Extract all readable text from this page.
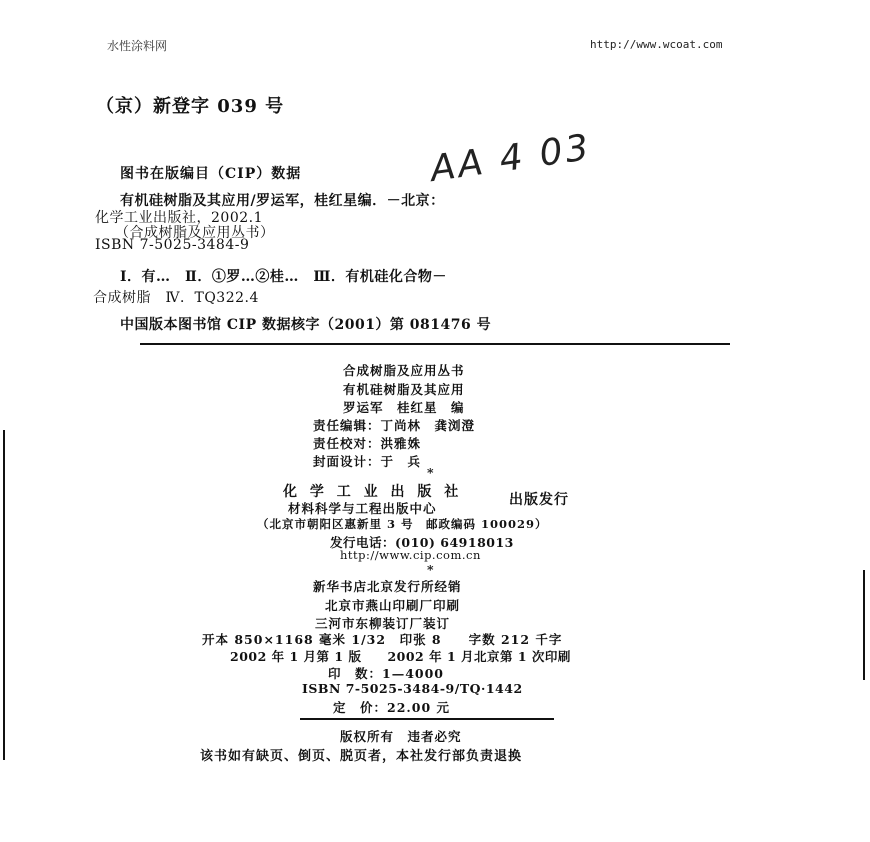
水性涂料网	http://www.wcoat.com
（京）新登字 039 号
图书在版编目（CIP）数据	AA 4 03
有机硅树脂及其应用/罗运军，桂红星编．－北京：
化学工业出版社，2002.1
（合成树脂及应用丛书）
ISBN 7-5025-3484-9
Ⅰ．有…　Ⅱ．①罗…②桂…　Ⅲ．有机硅化合物－
合成树脂　Ⅳ．TQ322.4
中国版本图书馆 CIP 数据核字（2001）第 081476 号
合成树脂及应用丛书
有机硅树脂及其应用
罗运军　桂红星　编
责任编辑：丁尚林　龚浏澄
责任校对：洪雅姝
封面设计：于　兵
*
化 学 工 业 出 版 社
材料科学与工程出版中心
出版发行
（北京市朝阳区惠新里 3 号　邮政编码 100029）
发行电话：(010) 64918013
http://www.cip.com.cn
*
新华书店北京发行所经销
北京市燕山印刷厂印刷
三河市东柳装订厂装订
开本 850×1168 毫米 1/32　印张 8　　字数 212 千字
2002 年 1 月第 1 版　　2002 年 1 月北京第 1 次印刷
印　数：1—4000
ISBN 7-5025-3484-9/TQ·1442
定　价：22.00 元
版权所有　违者必究
该书如有缺页、倒页、脱页者，本社发行部负责退换
